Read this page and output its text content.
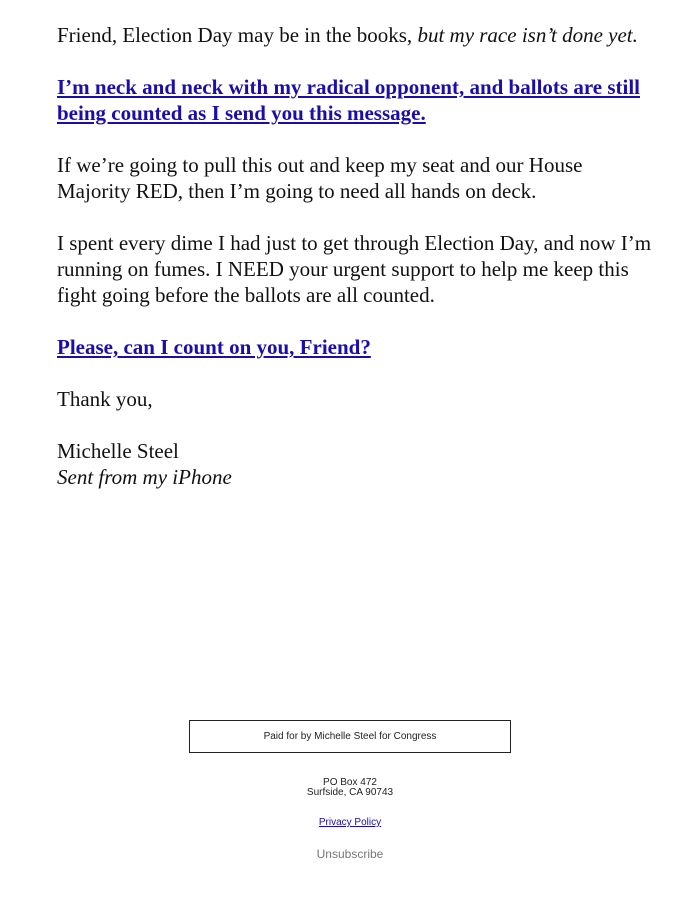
Friend, Election Day may be in the books, but my race isn’t done yet.

I’m neck and neck with my radical opponent, and ballots are still being counted as I send you this message.

If we’re going to pull this out and keep my seat and our House Majority RED, then I’m going to need all hands on deck.

I spent every dime I had just to get through Election Day, and now I’m running on fumes. I NEED your urgent support to help me keep this fight going before the ballots are all counted.

Please, can I count on you, Friend?

Thank you,

Michelle Steel
Sent from my iPhone

Paid for by Michelle Steel for Congress
PO Box 472
Surfside, CA 90743
Privacy Policy
Unsubscribe
